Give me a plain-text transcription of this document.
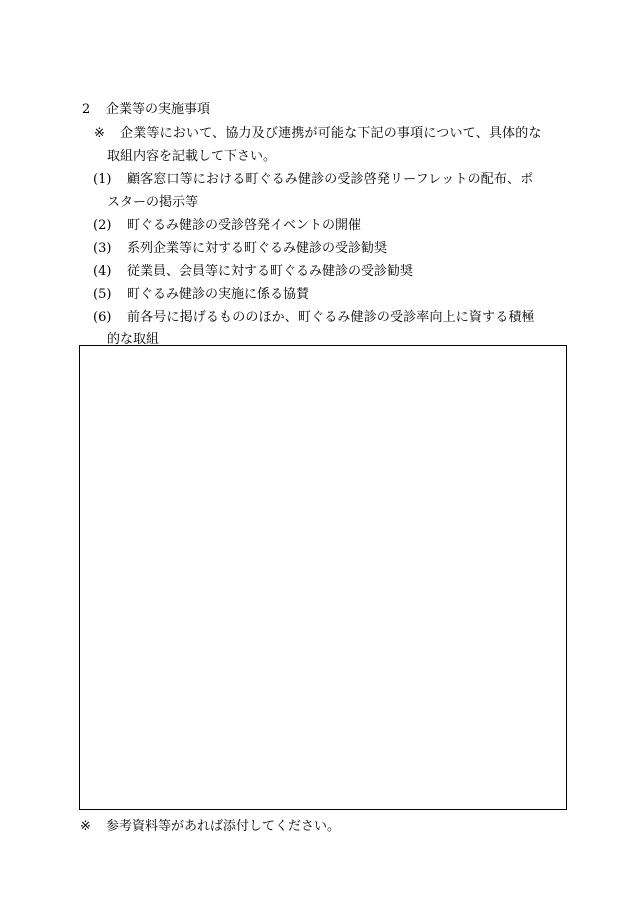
2 企業等の実施事項
※ 企業等において、協力及び連携が可能な下記の事項について、具体的な
取組内容を記載して下さい。
(1) 顧客窓口等における町ぐるみ健診の受診啓発リーフレットの配布、ポ
スターの掲示等
(2) 町ぐるみ健診の受診啓発イベントの開催
(3) 系列企業等に対する町ぐるみ健診の受診勧奨
(4) 従業員、会員等に対する町ぐるみ健診の受診勧奨
(5) 町ぐるみ健診の実施に係る協賛
(6) 前各号に掲げるもののほか、町ぐるみ健診の受診率向上に資する積極
的な取組
※ 参考資料等があれば添付してください。
